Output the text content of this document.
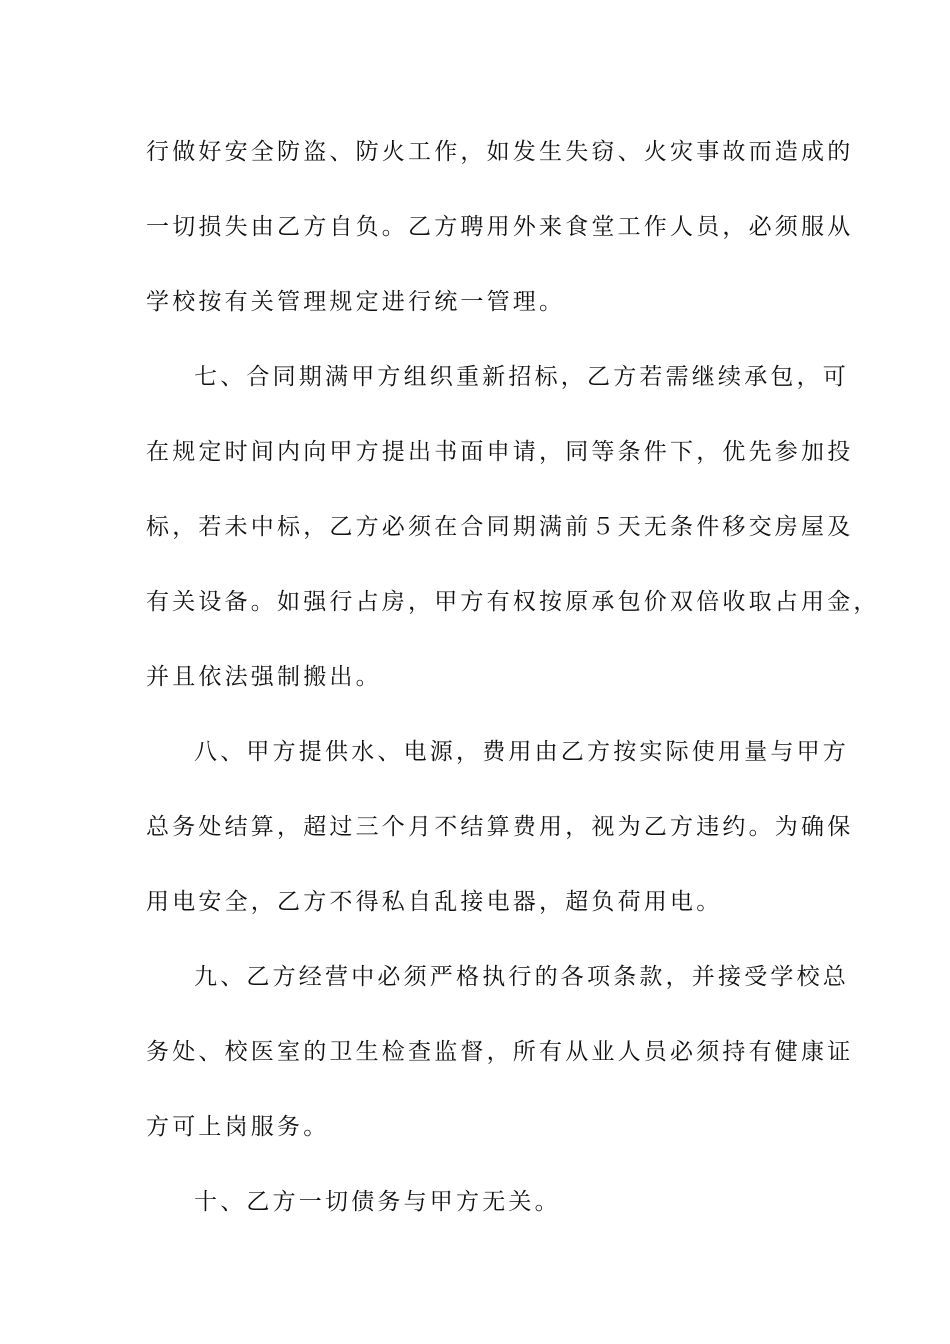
行做好安全防盗、防火工作，如发生失窃、火灾事故而造成的
一切损失由乙方自负。乙方聘用外来食堂工作人员，必须服从
学校按有关管理规定进行统一管理。
七、合同期满甲方组织重新招标，乙方若需继续承包，可
在规定时间内向甲方提出书面申请，同等条件下，优先参加投
标，若未中标，乙方必须在合同期满前５天无条件移交房屋及
有关设备。如强行占房，甲方有权按原承包价双倍收取占用金，
并且依法强制搬出。
八、甲方提供水、电源，费用由乙方按实际使用量与甲方
总务处结算，超过三个月不结算费用，视为乙方违约。为确保
用电安全，乙方不得私自乱接电器，超负荷用电。
九、乙方经营中必须严格执行的各项条款，并接受学校总
务处、校医室的卫生检查监督，所有从业人员必须持有健康证
方可上岗服务。
十、乙方一切债务与甲方无关。
